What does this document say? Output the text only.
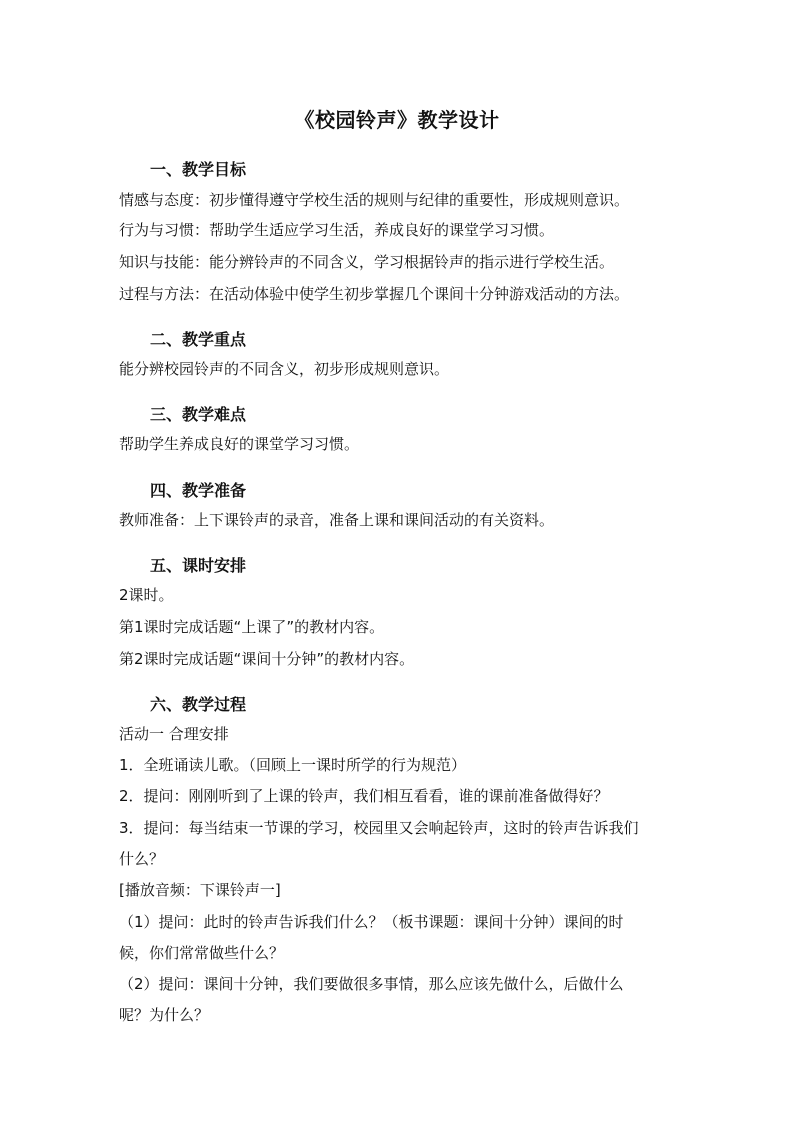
《校园铃声》教学设计
一、教学目标
情感与态度：初步懂得遵守学校生活的规则与纪律的重要性，形成规则意识。
行为与习惯：帮助学生适应学习生活，养成良好的课堂学习习惯。
知识与技能：能分辨铃声的不同含义，学习根据铃声的指示进行学校生活。
过程与方法：在活动体验中使学生初步掌握几个课间十分钟游戏活动的方法。
二、教学重点
能分辨校园铃声的不同含义，初步形成规则意识。
三、教学难点
帮助学生养成良好的课堂学习习惯。
四、教学准备
教师准备：上下课铃声的录音，准备上课和课间活动的有关资料。
五、课时安排
2课时。
第1课时完成话题“上课了”的教材内容。
第2课时完成话题“课间十分钟”的教材内容。
六、教学过程
活动一 合理安排
1．全班诵读儿歌。（回顾上一课时所学的行为规范）
2．提问：刚刚听到了上课的铃声，我们相互看看，谁的课前准备做得好？
3．提问：每当结束一节课的学习，校园里又会响起铃声，这时的铃声告诉我们
什么？
[播放音频：下课铃声一]
（1）提问：此时的铃声告诉我们什么？（板书课题：课间十分钟）课间的时
候，你们常常做些什么？
（2）提问：课间十分钟，我们要做很多事情，那么应该先做什么，后做什么
呢？为什么？
